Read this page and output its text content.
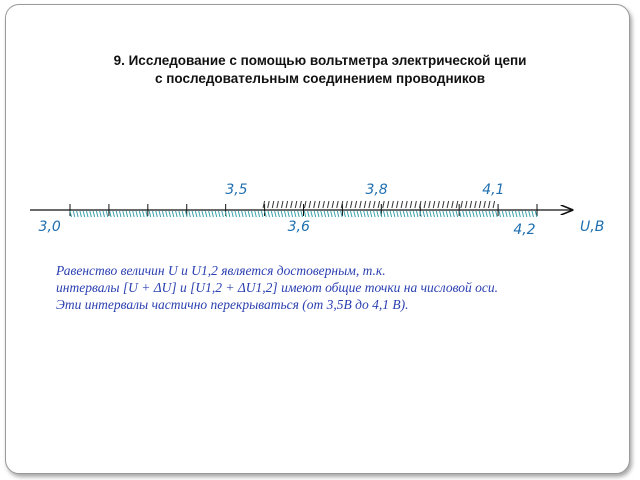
9. Исследование с помощью вольтметра электрической цепи
с последовательным соединением проводников
3,0	4,2
3,5	4,1
3,8
3,6	U,B
Равенство величин U и U1,2 является достоверным, т.к.
интервалы [U + ΔU] и [U1,2 + ΔU1,2] имеют общие точки на числовой оси.
Эти интервалы частично перекрываться (от 3,5В до 4,1 В).
